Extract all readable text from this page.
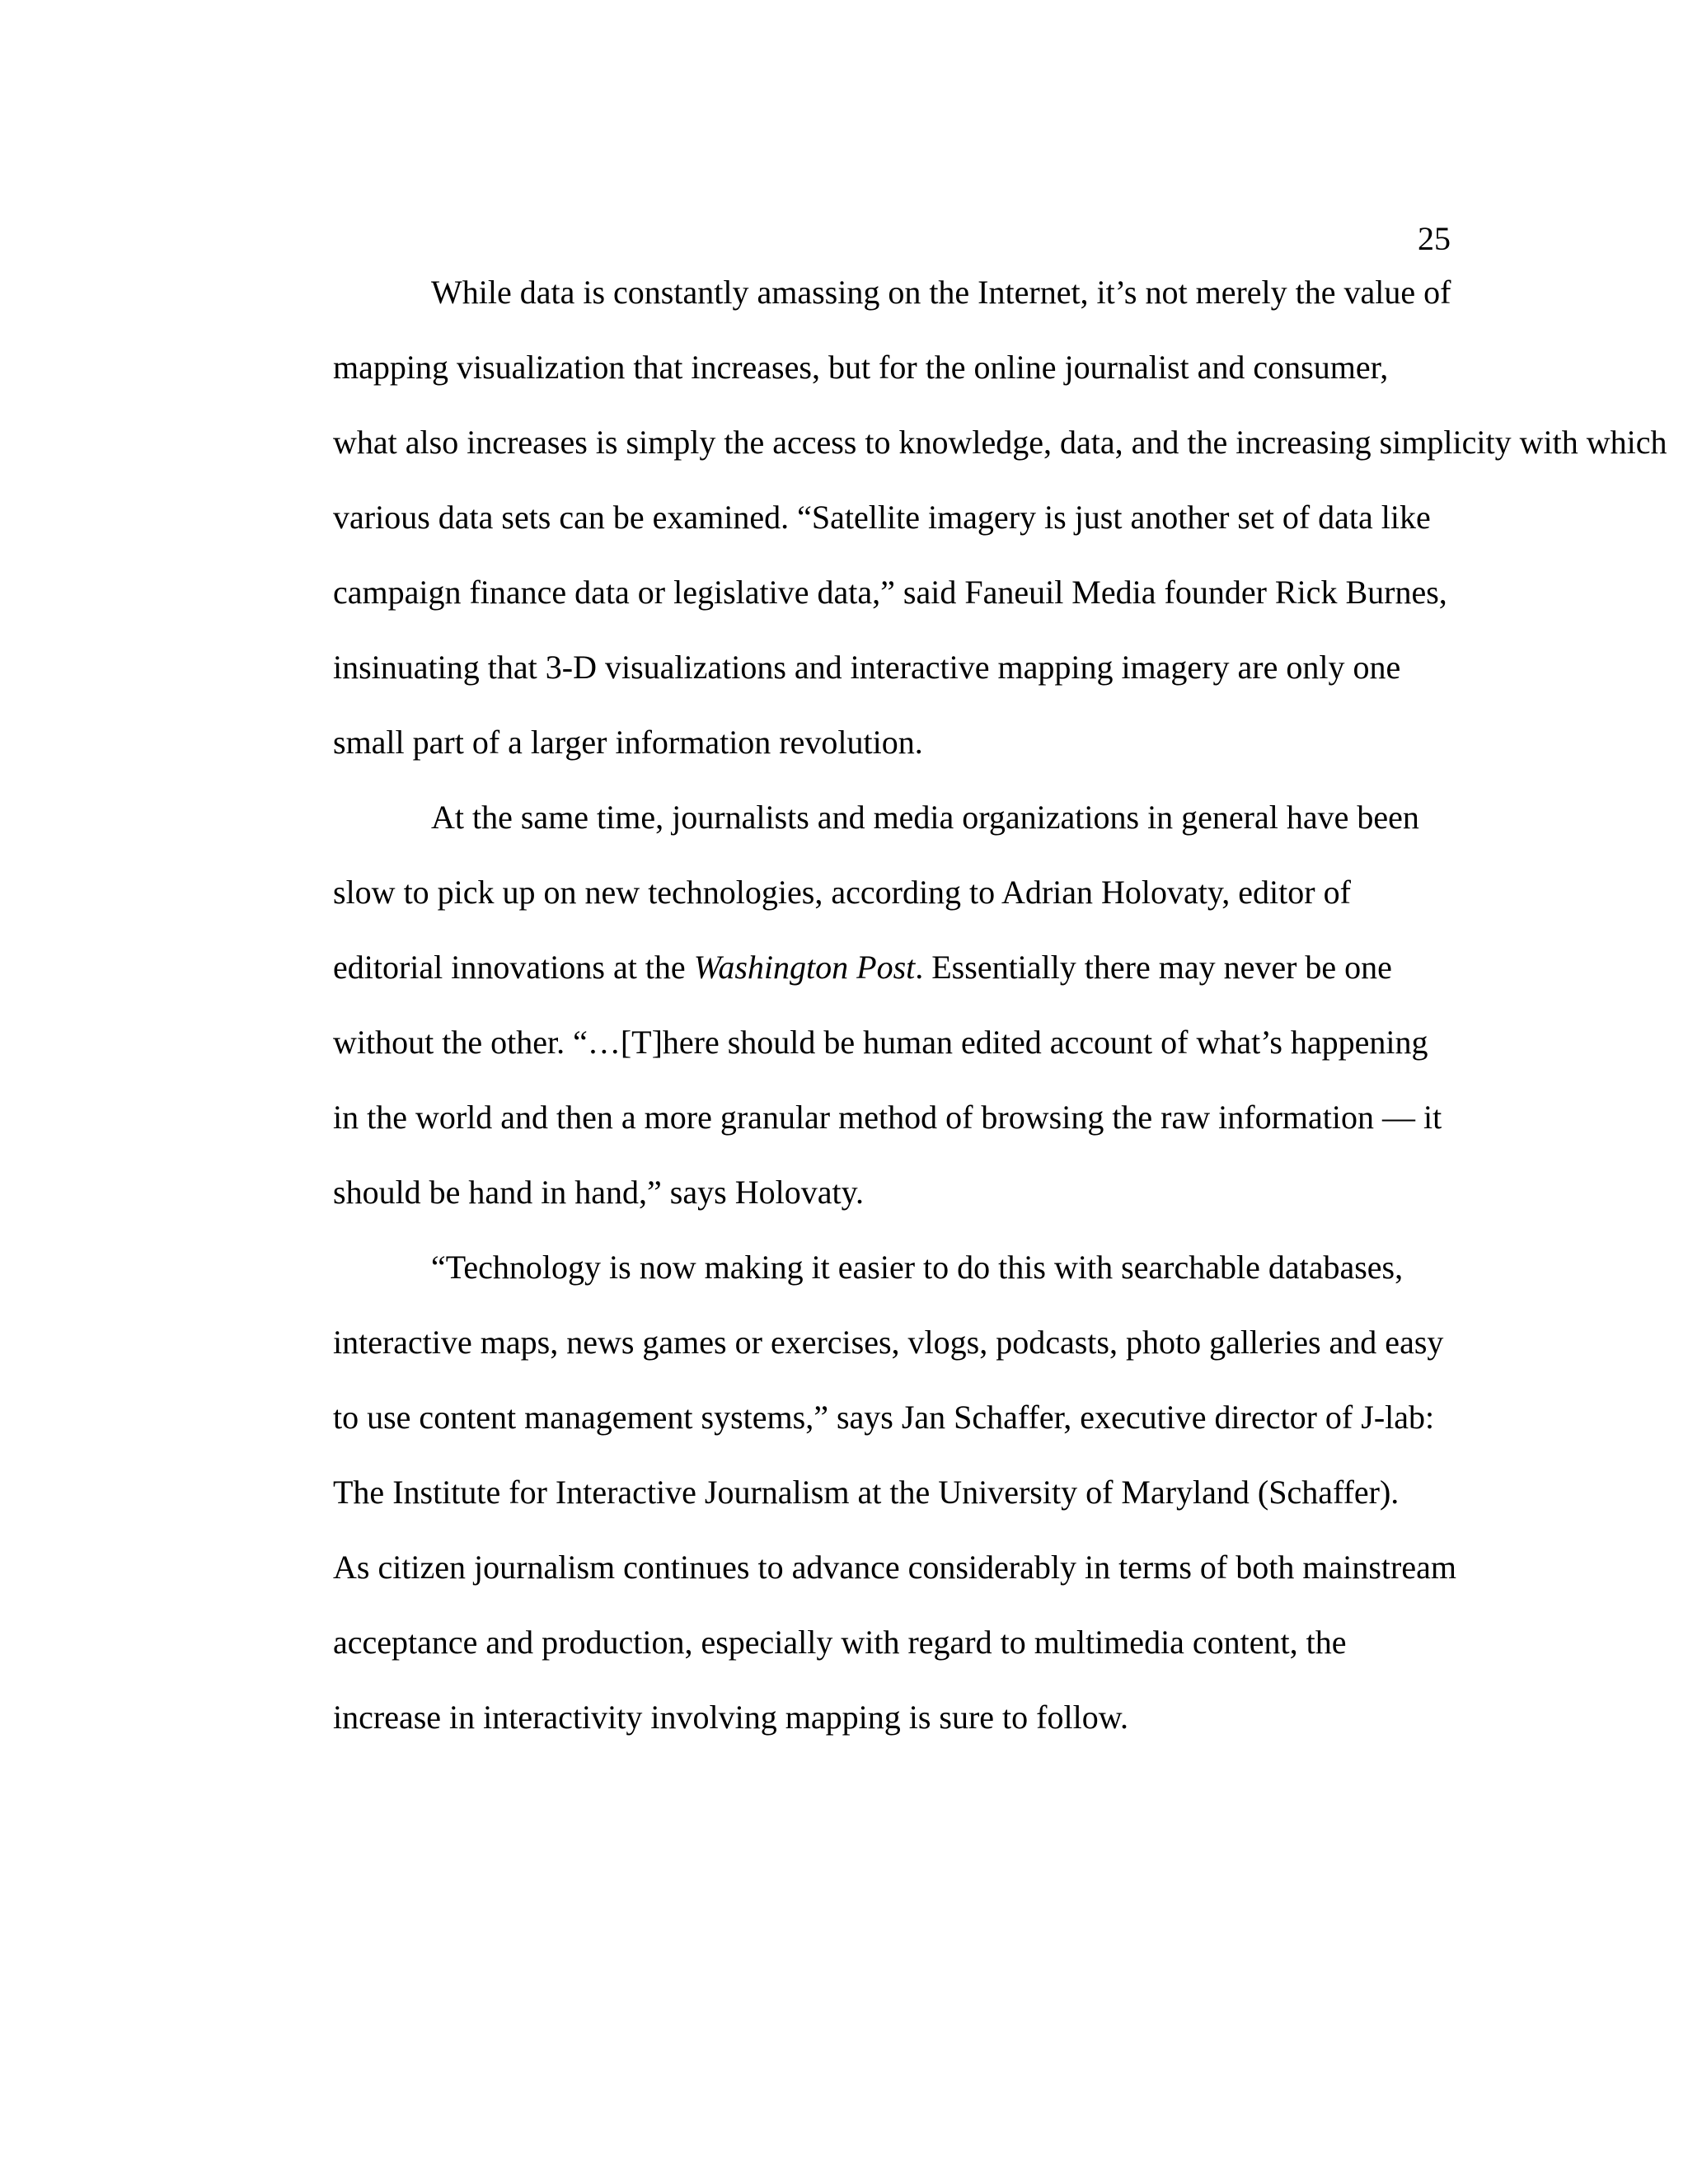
25
While data is constantly amassing on the Internet, it’s not merely the value of
mapping visualization that increases, but for the online journalist and consumer,
what also increases is simply the access to knowledge, data, and the increasing simplicity with which
various data sets can be examined. “Satellite imagery is just another set of data like
campaign finance data or legislative data,” said Faneuil Media founder Rick Burnes,
insinuating that 3-D visualizations and interactive mapping imagery are only one
small part of a larger information revolution.
At the same time, journalists and media organizations in general have been
slow to pick up on new technologies, according to Adrian Holovaty, editor of
editorial innovations at the Washington Post. Essentially there may never be one
without the other. “…[T]here should be human edited account of what’s happening
in the world and then a more granular method of browsing the raw information — it
should be hand in hand,” says Holovaty.
“Technology is now making it easier to do this with searchable databases,
interactive maps, news games or exercises, vlogs, podcasts, photo galleries and easy
to use content management systems,” says Jan Schaffer, executive director of J-lab:
The Institute for Interactive Journalism at the University of Maryland (Schaffer).
As citizen journalism continues to advance considerably in terms of both mainstream
acceptance and production, especially with regard to multimedia content, the
increase in interactivity involving mapping is sure to follow.
